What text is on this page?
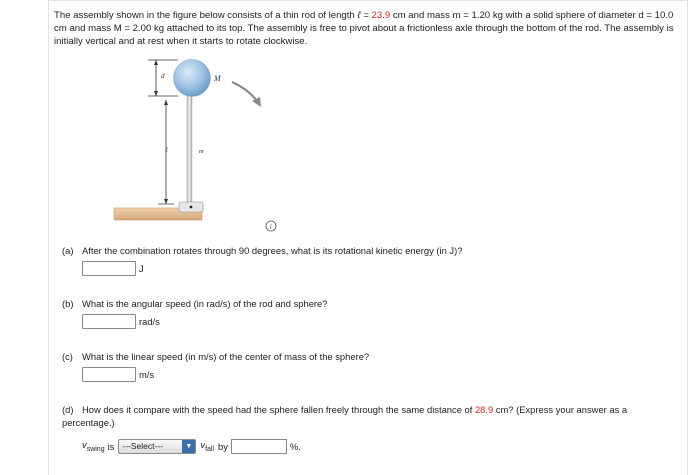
The assembly shown in the figure below consists of a thin rod of length ℓ = 23.9 cm and mass m = 1.20 kg with a solid sphere of diameter d = 10.0 cm and mass M = 2.00 kg attached to its top. The assembly is free to pivot about a frictionless axle through the bottom of the rod. The assembly is initially vertical and at rest when it starts to rotate clockwise.
d
ℓ	m
M
i
(a) After the combination rotates through 90 degrees, what is its rotational kinetic energy (in J)?
J
(b) What is the angular speed (in rad/s) of the rod and sphere?
rad/s
(c) What is the linear speed (in m/s) of the center of mass of the sphere?
m/s
(d) How does it compare with the speed had the sphere fallen freely through the same distance of 28.9 cm? (Express your answer as a percentage.)
$v_{swing}$ is ---Select---	▼ $v_{fall}$ by	%.
